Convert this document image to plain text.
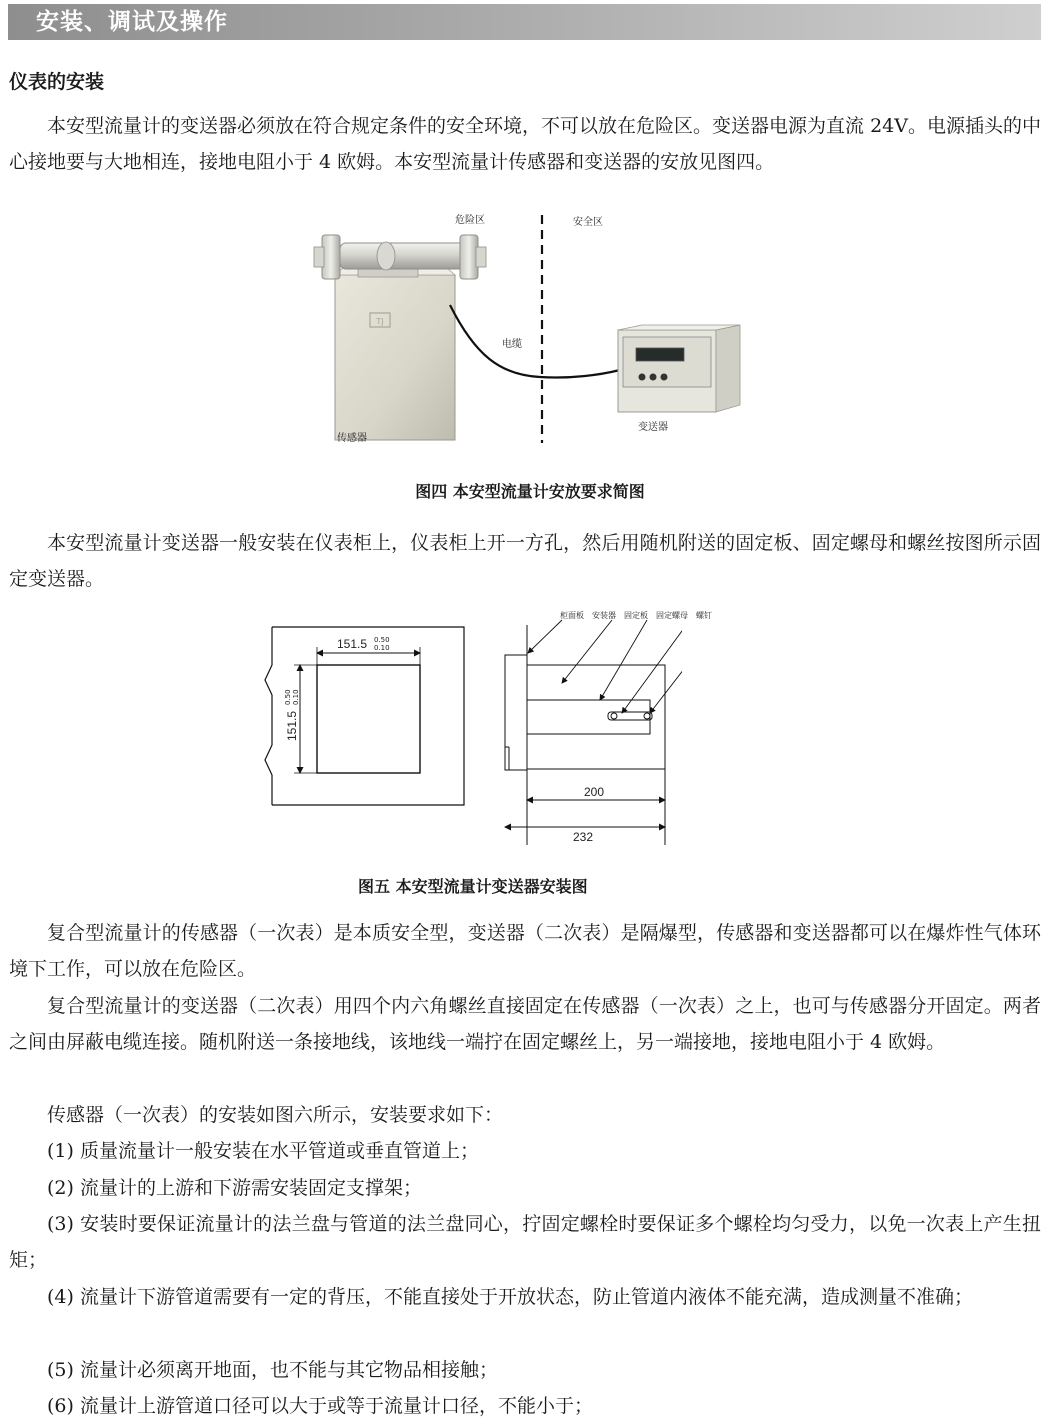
安装、调试及操作
仪表的安装

本安型流量计的变送器必须放在符合规定条件的安全环境，不可以放在危险区。变送器电源为直流 24V。电源插头的中心接地要与大地相连，接地电阻小于 4 欧姆。本安型流量计传感器和变送器的安放见图四。

TJ
危险区	安全区
电缆
传感器
变送器
图四 本安型流量计安放要求简图

本安型流量计变送器一般安装在仪表柜上，仪表柜上开一方孔，然后用随机附送的固定板、固定螺母和螺丝按图所示固定变送器。

151.5 0.50
0.10
151.5
0.50 0.10
200
232
柜面板 安装器 固定板 固定螺母 螺钉
图五 本安型流量计变送器安装图

复合型流量计的传感器（一次表）是本质安全型，变送器（二次表）是隔爆型，传感器和变送器都可以在爆炸性气体环境下工作，可以放在危险区。

复合型流量计的变送器（二次表）用四个内六角螺丝直接固定在传感器（一次表）之上，也可与传感器分开固定。两者之间由屏蔽电缆连接。随机附送一条接地线，该地线一端拧在固定螺丝上，另一端接地，接地电阻小于 4 欧姆。

传感器（一次表）的安装如图六所示，安装要求如下：

(1) 质量流量计一般安装在水平管道或垂直管道上；

(2) 流量计的上游和下游需安装固定支撑架；

(3) 安装时要保证流量计的法兰盘与管道的法兰盘同心，拧固定螺栓时要保证多个螺栓均匀受力，以免一次表上产生扭矩；

(4) 流量计下游管道需要有一定的背压，不能直接处于开放状态，防止管道内液体不能充满，造成测量不准确；

(5) 流量计必须离开地面，也不能与其它物品相接触；

(6) 流量计上游管道口径可以大于或等于流量计口径，不能小于；
